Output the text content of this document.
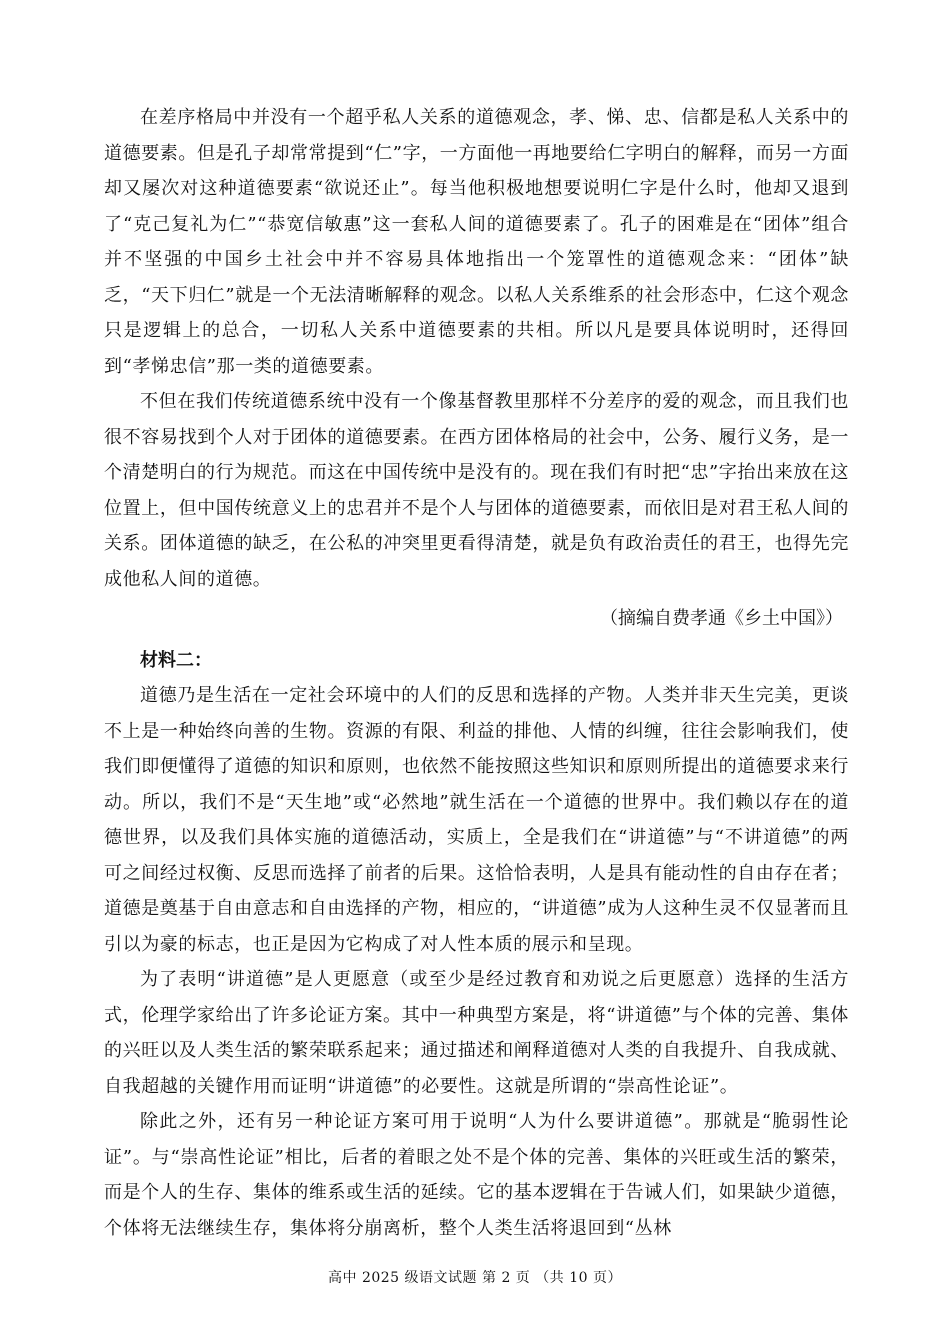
在差序格局中并没有一个超乎私人关系的道德观念，孝、悌、忠、信都是私人关系中的道德要素。但是孔子却常常提到“仁”字，一方面他一再地要给仁字明白的解释，而另一方面却又屡次对这种道德要素“欲说还止”。每当他积极地想要说明仁字是什么时，他却又退到了“克己复礼为仁”“恭宽信敏惠”这一套私人间的道德要素了。孔子的困难是在“团体”组合并不坚强的中国乡土社会中并不容易具体地指出一个笼罩性的道德观念来：“团体”缺乏，“天下归仁”就是一个无法清晰解释的观念。以私人关系维系的社会形态中，仁这个观念只是逻辑上的总合，一切私人关系中道德要素的共相。所以凡是要具体说明时，还得回到“孝悌忠信”那一类的道德要素。

不但在我们传统道德系统中没有一个像基督教里那样不分差序的爱的观念，而且我们也很不容易找到个人对于团体的道德要素。在西方团体格局的社会中，公务、履行义务，是一个清楚明白的行为规范。而这在中国传统中是没有的。现在我们有时把“忠”字抬出来放在这位置上，但中国传统意义上的忠君并不是个人与团体的道德要素，而依旧是对君王私人间的关系。团体道德的缺乏，在公私的冲突里更看得清楚，就是负有政治责任的君王，也得先完成他私人间的道德。

（摘编自费孝通《乡土中国》）

材料二：

道德乃是生活在一定社会环境中的人们的反思和选择的产物。人类并非天生完美，更谈不上是一种始终向善的生物。资源的有限、利益的排他、人情的纠缠，往往会影响我们，使我们即便懂得了道德的知识和原则，也依然不能按照这些知识和原则所提出的道德要求来行动。所以，我们不是“天生地”或“必然地”就生活在一个道德的世界中。我们赖以存在的道德世界，以及我们具体实施的道德活动，实质上，全是我们在“讲道德”与“不讲道德”的两可之间经过权衡、反思而选择了前者的后果。这恰恰表明，人是具有能动性的自由存在者；道德是奠基于自由意志和自由选择的产物，相应的，“讲道德”成为人这种生灵不仅显著而且引以为豪的标志，也正是因为它构成了对人性本质的展示和呈现。

为了表明“讲道德”是人更愿意（或至少是经过教育和劝说之后更愿意）选择的生活方式，伦理学家给出了许多论证方案。其中一种典型方案是，将“讲道德”与个体的完善、集体的兴旺以及人类生活的繁荣联系起来；通过描述和阐释道德对人类的自我提升、自我成就、自我超越的关键作用而证明“讲道德”的必要性。这就是所谓的“崇高性论证”。

除此之外，还有另一种论证方案可用于说明“人为什么要讲道德”。那就是“脆弱性论证”。与“崇高性论证”相比，后者的着眼之处不是个体的完善、集体的兴旺或生活的繁荣，而是个人的生存、集体的维系或生活的延续。它的基本逻辑在于告诫人们，如果缺少道德，个体将无法继续生存，集体将分崩离析，整个人类生活将退回到“丛林

高中 2025 级语文试题 第 2 页 （共 10 页）
